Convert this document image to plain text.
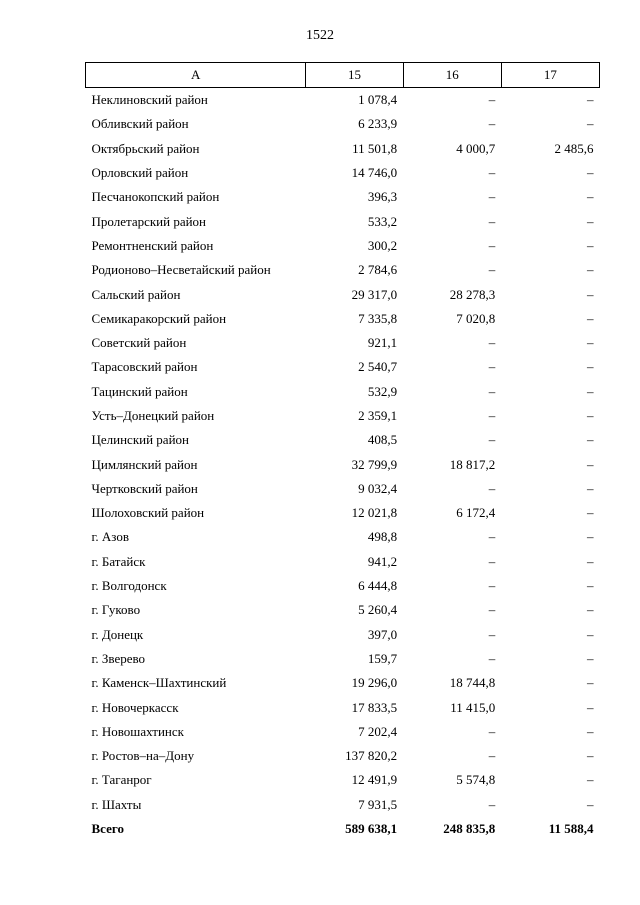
1522
А	15	16	17
Неклиновский район	1 078,4	–	–
Обливский район	6 233,9	–	–
Октябрьский район	11 501,8	4 000,7	2 485,6
Орловский район	14 746,0	–	–
Песчанокопский район	396,3	–	–
Пролетарский район	533,2	–	–
Ремонтненский район	300,2	–	–
Родионово–Несветайский район	2 784,6	–	–
Сальский район	29 317,0	28 278,3	–
Семикаракорский район	7 335,8	7 020,8	–
Советский район	921,1	–	–
Тарасовский район	2 540,7	–	–
Тацинский район	532,9	–	–
Усть–Донецкий район	2 359,1	–	–
Целинский район	408,5	–	–
Цимлянский район	32 799,9	18 817,2	–
Чертковский район	9 032,4	–	–
Шолоховский район	12 021,8	6 172,4	–
г. Азов	498,8	–	–
г. Батайск	941,2	–	–
г. Волгодонск	6 444,8	–	–
г. Гуково	5 260,4	–	–
г. Донецк	397,0	–	–
г. Зверево	159,7	–	–
г. Каменск–Шахтинский	19 296,0	18 744,8	–
г. Новочеркасск	17 833,5	11 415,0	–
г. Новошахтинск	7 202,4	–	–
г. Ростов–на–Дону	137 820,2	–	–
г. Таганрог	12 491,9	5 574,8	–
г. Шахты	7 931,5	–	–
Всего	589 638,1	248 835,8	11 588,4
